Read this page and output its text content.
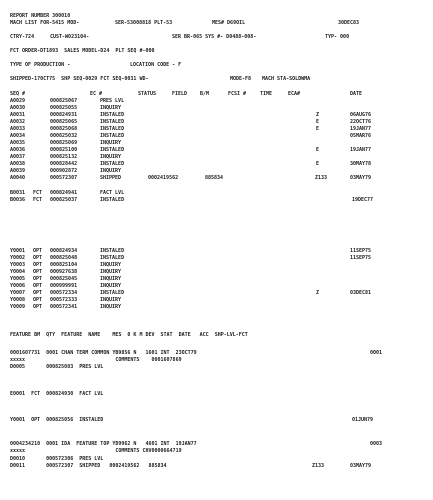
REPORT NUMBER 300010
MACH LIST FOR-5415 MOD-	SER-53008818 PLT-53	MES# D69OIL	30DEC83
CTRY-724	CUST-W023104-	SER BR-065 SYS #- D0488-008-	TYP- 000
FCT ORDER-DT1893  SALES MODEL-D24  PLT SEQ #-000
TYPE OF PRODUCTION -	LOCATION CODE - F
SHIPPED-170CT75  SHP SEQ-0029 FCT SEQ-0031 WD-	MODE-F8 MACH STA-SOLDWMA
SEQ #	EC #	STATUS	FIELD	B/M	FCSI #	TIME	ECA#	DATE
A0029	000825067	PRES LVL
A0030	000825055	INQUIRY
A0031	000824931	INSTALED	Z	06AUG76
A0032	000825065	INSTALED	E	22OCT76
A0033	000825068	INSTALED	E	19JAN77
A0034	000825032	INSTALED	05MAR76
A0035	000825069	INQUIRY
A0036	000825100	INSTALED	E	19JAN77
A0037	000825132	INQUIRY
A0038	000828442	INSTALED	E	30MAY78
A0039	000902872	INQUIRY
A0040	000572307	SHIPPED	0002419562	885834	Z133	03MAY79
B0031 FCT 000824941	FACT LVL
B0036 FCT 000825037	INSTALED	19DEC77
Y0001 OPT 000824934	INSTALED	11SEP75
Y0002 OPT 000825048	INSTALED	11SEP75
Y0003 OPT 000825104	INQUIRY
Y0004 OPT 000927638	INQUIRY
Y0005 OPT 000825045	INQUIRY
Y0006 OPT 000999991	INQUIRY
Y0007 OPT 000572334	INSTALED	Z	03DEC81
Y0008 OPT 000572333	INQUIRY
Y0009 OPT 000572341	INQUIRY
FEATURE BM  QTY  FEATURE  NAME    MES  0 K M DEV  STAT  DATE   ACC  SHP-LVL-FCT
0001607731  0001 CHAN TERM COMMON YB9856 N   1601 INT  23OCT79	0001
xxxxx                              COMMENTS    0001607869
D0005       000825083  PRES LVL
E0001  FCT  000824930  FACT LVL
Y0001  OPT  000825056  INSTALED	01JUN79
0004234210  0001 IDA  FEATURE TOP YD9962 N   4601 INT  19JAN77	0003
xxxxx                              COMMENTS CHV0000664719
D0010       000572306  PRES LVL
D0011       000572307  SHIPPED   0002419562   885834	Z133	03MAY79
